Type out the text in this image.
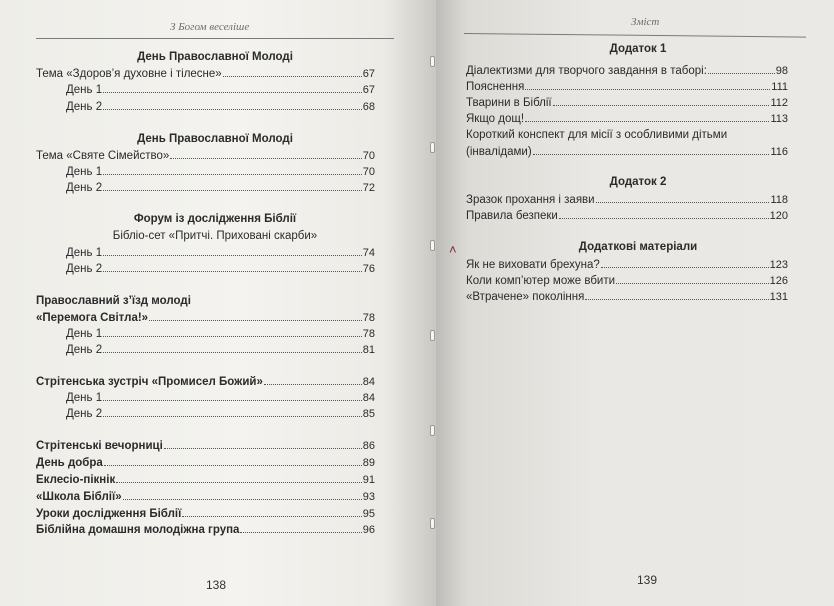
З Богом веселіше
День Православної Молоді
Тема «Здоров’я духовне і тілесне»	67
День 1	67
День 2	68
День Православної Молоді
Тема «Святе Сімейство»	70
День 1	70
День 2	72
Форум із дослідження Біблії
Бібліо-сет «Притчі. Приховані скарби»
День 1	74
День 2	76
Православний з’їзд молоді
«Перемога Світла!»	78
День 1	78
День 2	81
Стрітенська зустріч «Промисел Божий»	84
День 1	84
День 2	85
Стрітенські вечорниці	86
День добра	89
Еклесіо-пікнік	91
«Школа Біблії»	93
Уроки дослідження Біблії	95
Біблійна домашня молодіжна група	96
138
Зміст
Додаток 1
Діалектизми для творчого завдання в таборі:	98
Пояснення	111
Тварини в Біблії	112
Якщо дощ!	113
Короткий конспект для місії з особливими дітьми
(інвалідами)	116
Додаток 2
Зразок прохання і заяви	118
Правила безпеки	120
Додаткові матеріали
Як не виховати брехуна?	123
Коли комп’ютер може вбити	126
«Втрачене» покоління	131
139
˄
